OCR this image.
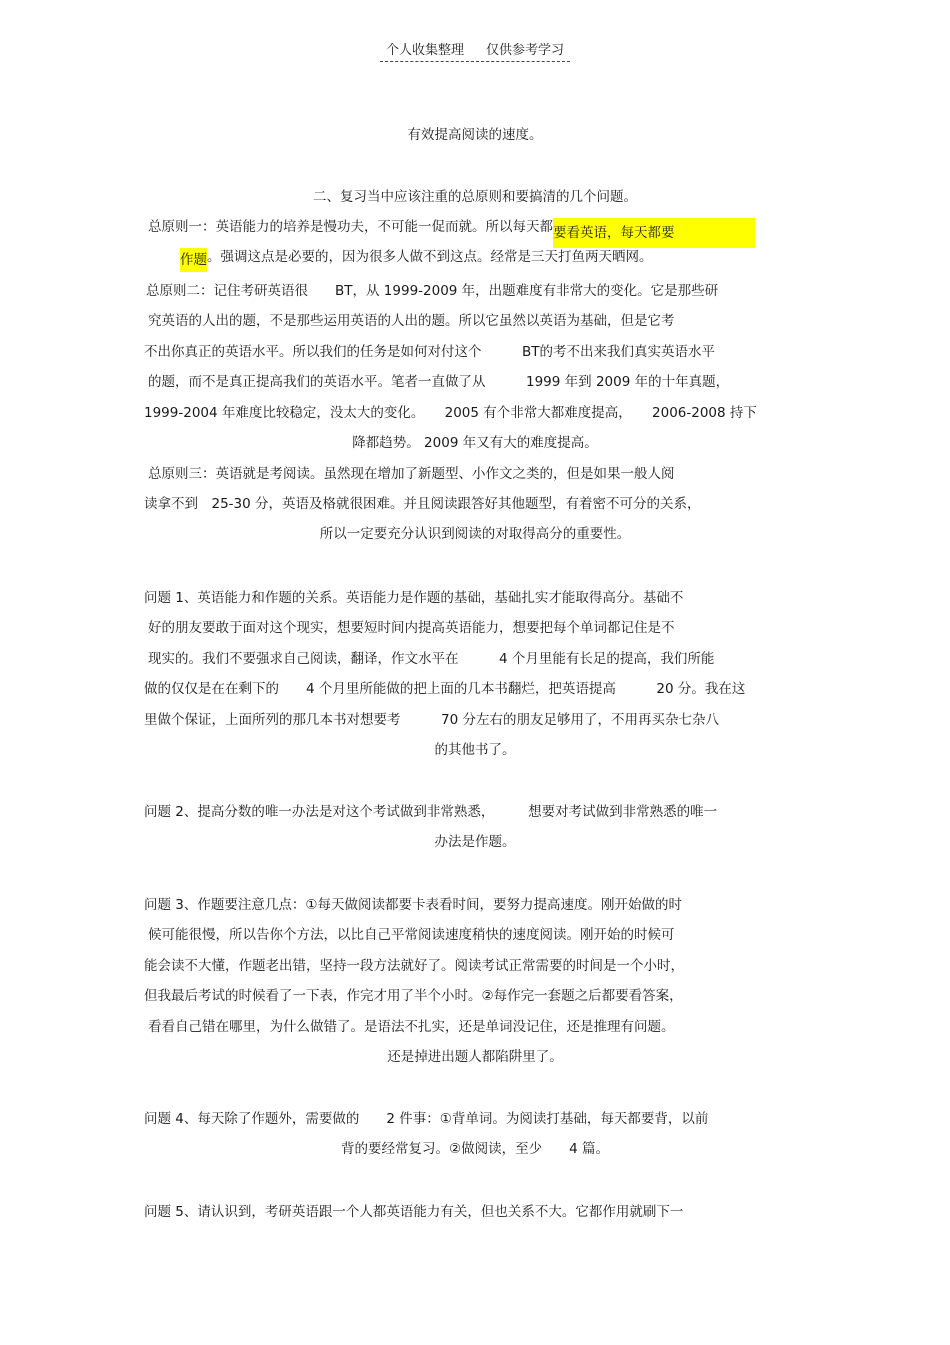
个人收集整理 仅供参考学习
有效提高阅读的速度。
二、复习当中应该注重的总原则和要搞清的几个问题。
总原则一：英语能力的培养是慢功夫，不可能一促而就。所以每天都要看英语，每天都要
作题。强调这点是必要的，因为很多人做不到这点。经常是三天打鱼两天晒网。
总原则二：记住考研英语很　　BT，从 1999-2009 年，出题难度有非常大的变化。它是那些研
究英语的人出的题，不是那些运用英语的人出的题。所以它虽然以英语为基础，但是它考
不出你真正的英语水平。所以我们的任务是如何对付这个　　　BT的考不出来我们真实英语水平
的题，而不是真正提高我们的英语水平。笔者一直做了从　　　1999 年到 2009 年的十年真题，
1999-2004 年难度比较稳定，没太大的变化。　　2005 有个非常大都难度提高，　　2006-2008 持下
降都趋势。 2009 年又有大的难度提高。
总原则三：英语就是考阅读。虽然现在增加了新题型、小作文之类的，但是如果一般人阅
读拿不到　25-30 分，英语及格就很困难。并且阅读跟答好其他题型，有着密不可分的关系，
所以一定要充分认识到阅读的对取得高分的重要性。
问题 1、英语能力和作题的关系。英语能力是作题的基础，基础扎实才能取得高分。基础不
好的朋友要敢于面对这个现实，想要短时间内提高英语能力，想要把每个单词都记住是不
现实的。我们不要强求自己阅读，翻译，作文水平在　　　4 个月里能有长足的提高，我们所能
做的仅仅是在在剩下的　　4 个月里所能做的把上面的几本书翻烂，把英语提高　　　20 分。我在这
里做个保证，上面所列的那几本书对想要考　　　70 分左右的朋友足够用了，不用再买杂七杂八
的其他书了。
问题 2、提高分数的唯一办法是对这个考试做到非常熟悉，　　　想要对考试做到非常熟悉的唯一
办法是作题。
问题 3、作题要注意几点：①每天做阅读都要卡表看时间，要努力提高速度。刚开始做的时
候可能很慢，所以告你个方法，以比自己平常阅读速度稍快的速度阅读。刚开始的时候可
能会读不大懂，作题老出错，坚持一段方法就好了。阅读考试正常需要的时间是一个小时，
但我最后考试的时候看了一下表，作完才用了半个小时。②每作完一套题之后都要看答案，
看看自己错在哪里，为什么做错了。是语法不扎实，还是单词没记住，还是推理有问题。
还是掉进出题人都陷阱里了。
问题 4、每天除了作题外，需要做的　　2 件事：①背单词。为阅读打基础，每天都要背，以前
背的要经常复习。②做阅读，至少　　4 篇。
问题 5、请认识到，考研英语跟一个人都英语能力有关，但也关系不大。它都作用就刷下一
